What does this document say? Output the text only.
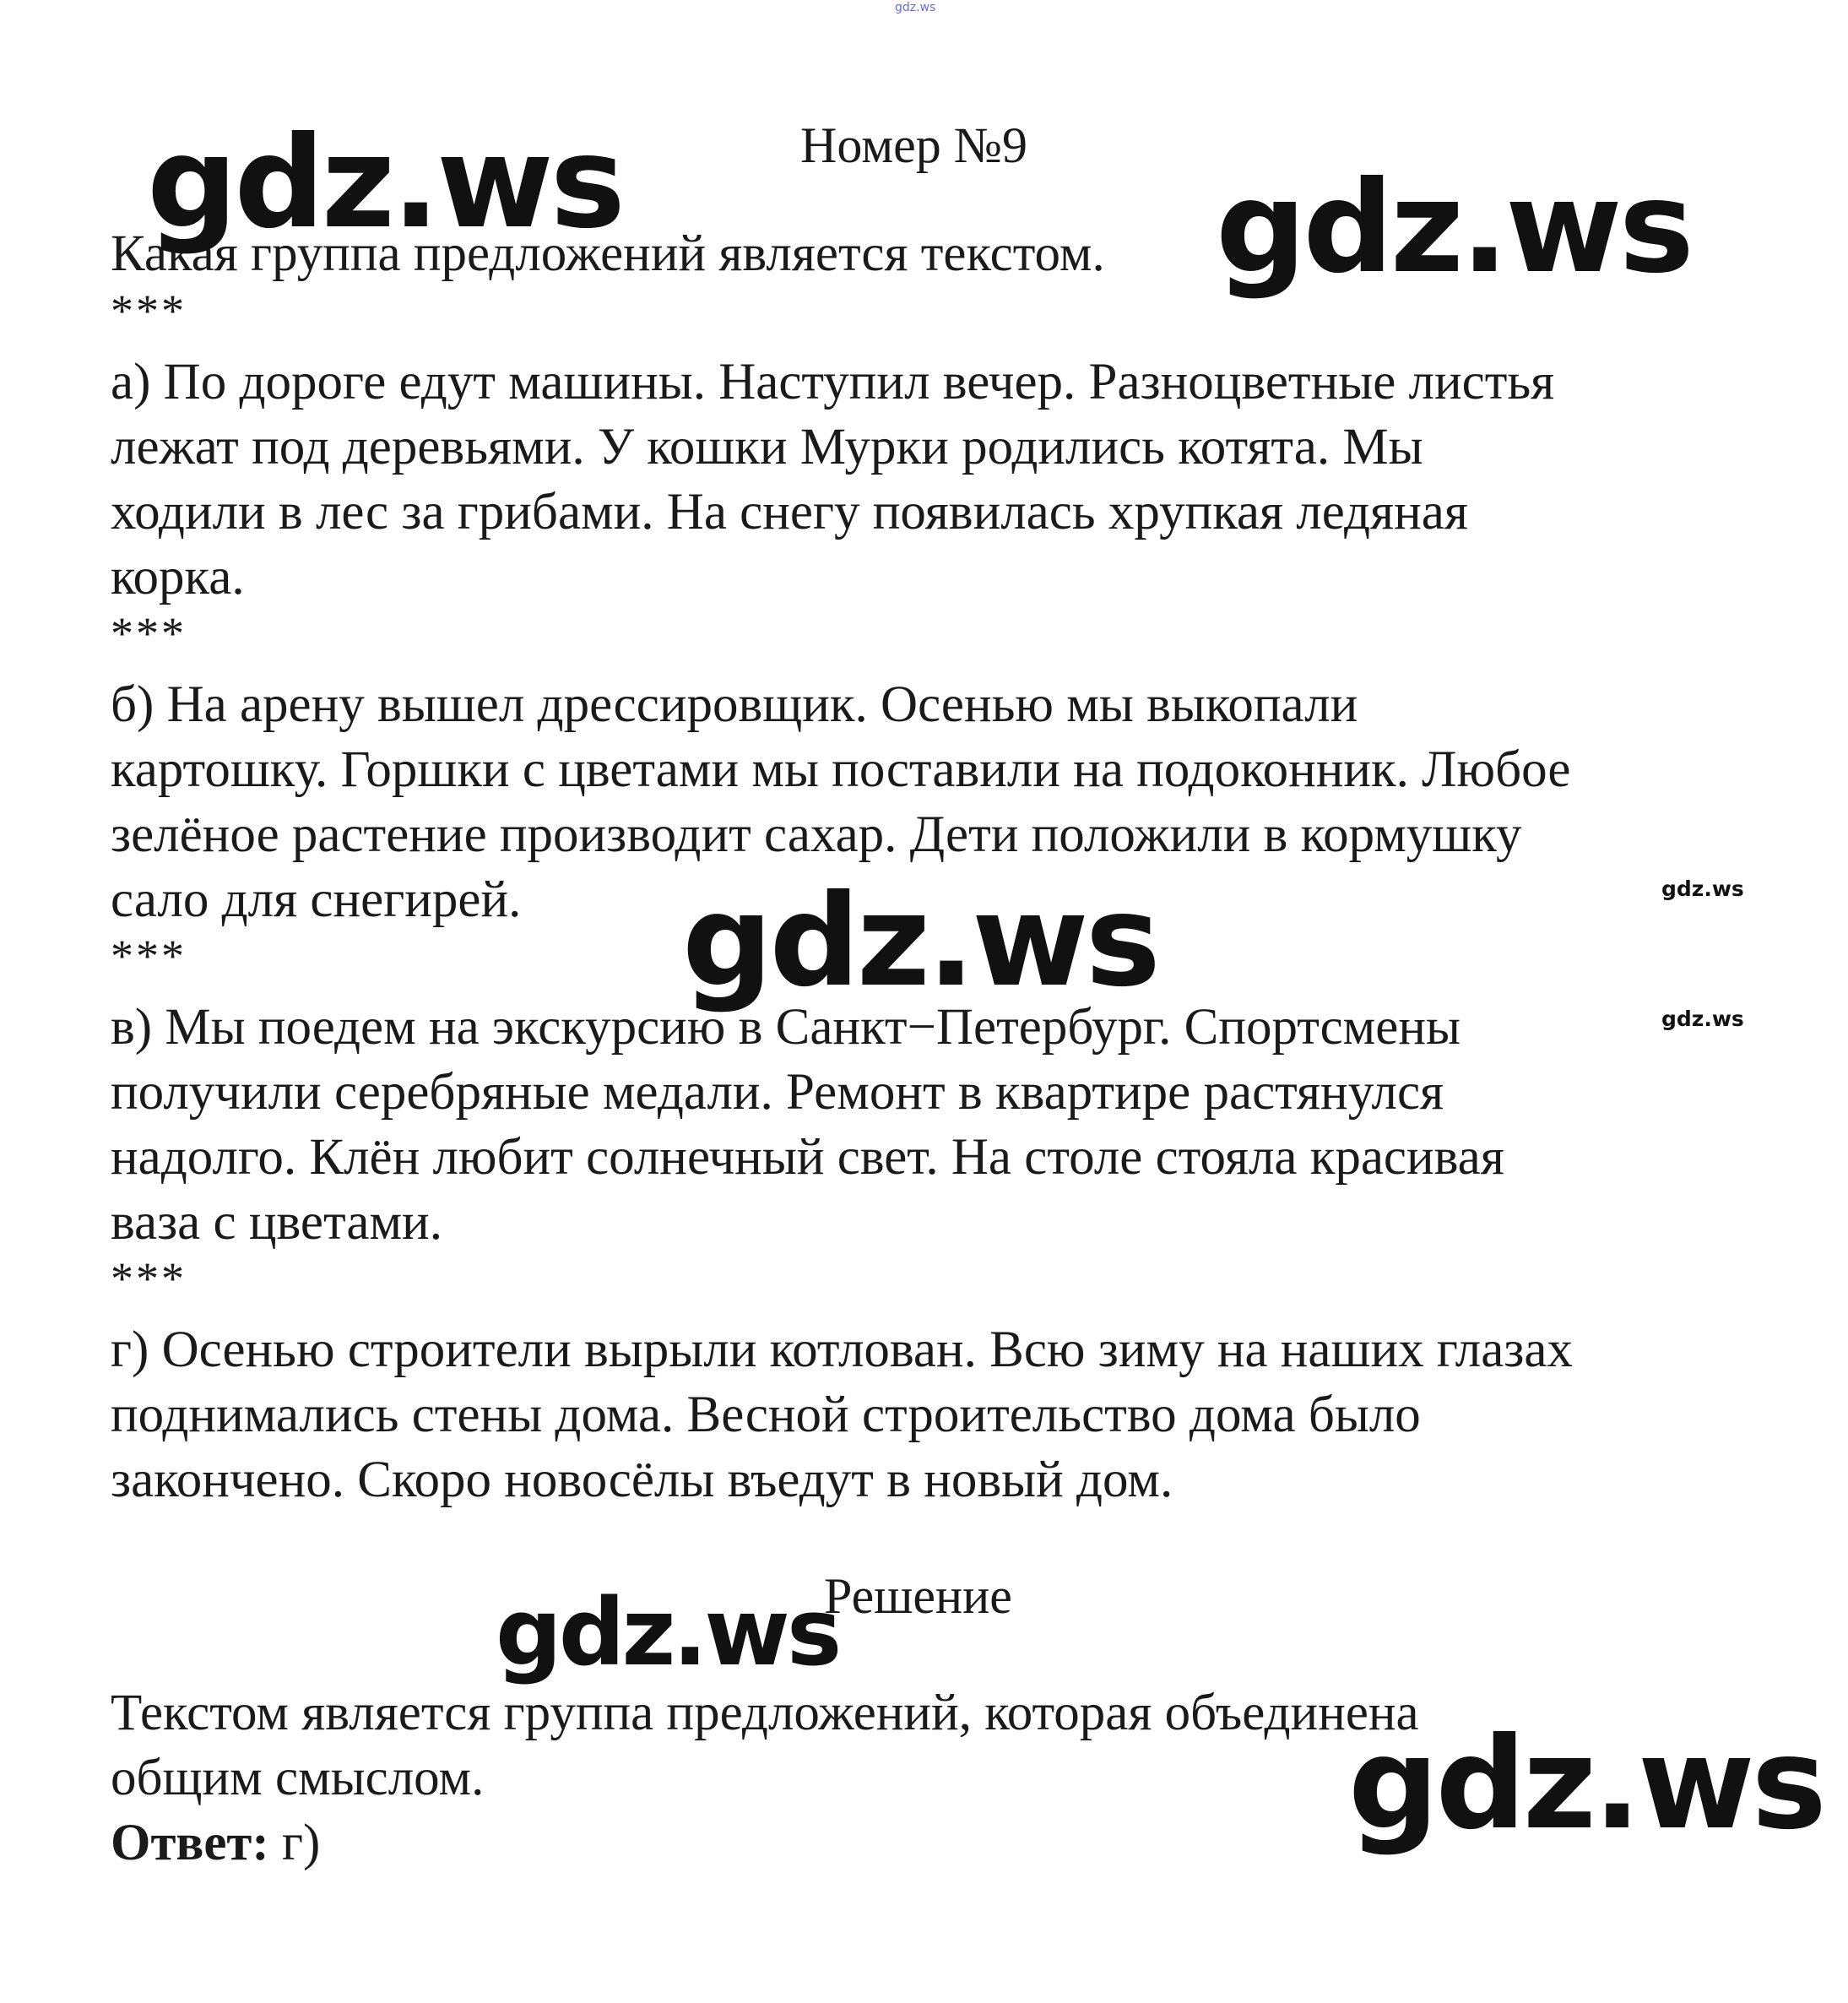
gdz.ws
Номер №9
Какая группа предложений является текстом.
***
***
***
***
а) По дороге едут машины. Наступил вечер. Разноцветные листья
лежат под деревьями. У кошки Мурки родились котята. Мы
ходили в лес за грибами. На снегу появилась хрупкая ледяная
корка.
б) На арену вышел дрессировщик. Осенью мы выкопали
картошку. Горшки с цветами мы поставили на подоконник. Любое
зелёное растение производит сахар. Дети положили в кормушку
сало для снегирей.
в) Мы поедем на экскурсию в Санкт−Петербург. Спортсмены
получили серебряные медали. Ремонт в квартире растянулся
надолго. Клён любит солнечный свет. На столе стояла красивая
ваза с цветами.
г) Осенью строители вырыли котлован. Всю зиму на наших глазах
поднимались стены дома. Весной строительство дома было
закончено. Скоро новосёлы въедут в новый дом.
Решение
Текстом является группа предложений, которая объединена
общим смыслом.
Ответ: г)
gdz.ws	gdz.ws
gdz.ws
gdz.ws
gdz.ws
gdz.ws
gdz.ws
